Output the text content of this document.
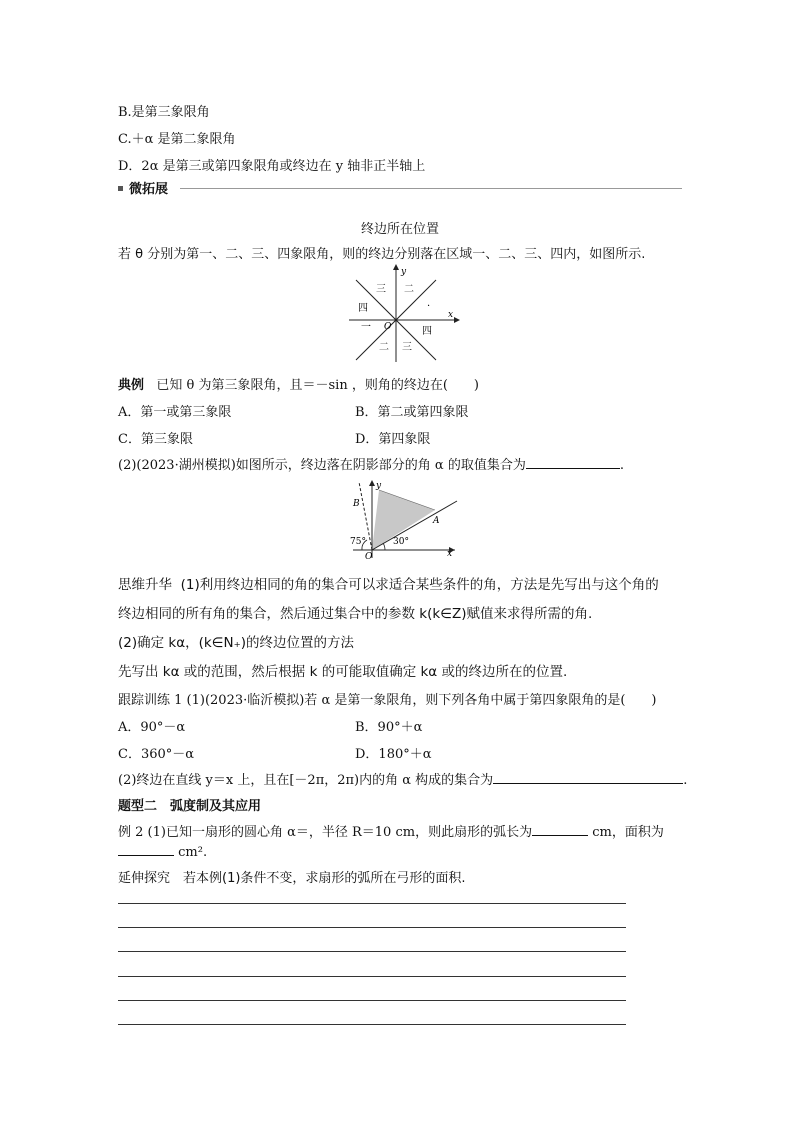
B.是第三象限角
C.＋α 是第二象限角
D．2α 是第三或第四象限角或终边在 y 轴非正半轴上
微拓展
终边所在位置
若 θ 分别为第一、二、三、四象限角，则的终边分别落在区域一、二、三、四内，如图所示.
y
x
O
三 二
四
一	四
二 三
·
典例 已知 θ 为第三象限角，且＝－sin ，则角的终边在(　　)
A．第一或第三象限	B．第二或第四象限
C．第三象限	D．第四象限
(2)(2023·湖州模拟)如图所示，终边落在阴影部分的角 α 的取值集合为	.
y
x
O
A
B
75°	30°
思维升华 (1)利用终边相同的角的集合可以求适合某些条件的角，方法是先写出与这个角的
终边相同的所有角的集合，然后通过集合中的参数 k(k∈Z)赋值来求得所需的角.
(2)确定 kα，(k∈N₊)的终边位置的方法
先写出 kα 或的范围，然后根据 k 的可能取值确定 kα 或的终边所在的位置.
跟踪训练 1 (1)(2023·临沂模拟)若 α 是第一象限角，则下列各角中属于第四象限角的是(　　)
A．90°－α	B．90°＋α
C．360°－α	D．180°＋α
(2)终边在直线 y＝x 上，且在[－2π，2π)内的角 α 构成的集合为	.
题型二　弧度制及其应用
例 2 (1)已知一扇形的圆心角 α＝，半径 R＝10 cm，则此扇形的弧长为	cm，面积为
cm².
延伸探究　若本例(1)条件不变，求扇形的弧所在弓形的面积.
